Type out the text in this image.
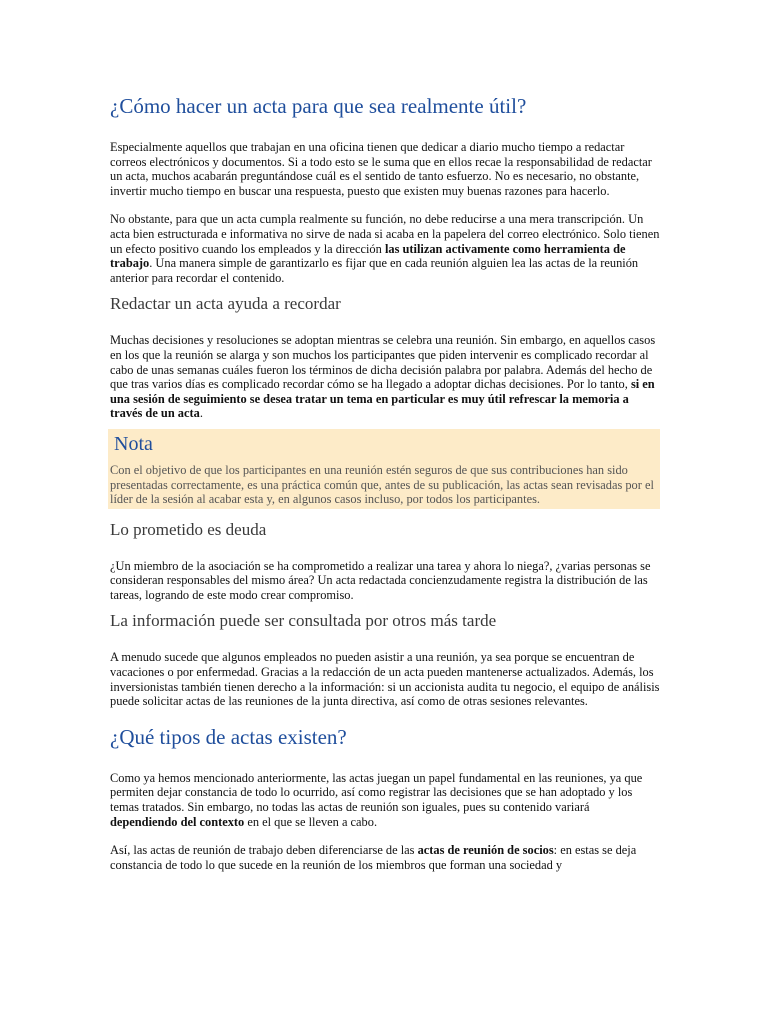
¿Cómo hacer un acta para que sea realmente útil?

Especialmente aquellos que trabajan en una oficina tienen que dedicar a diario mucho tiempo a redactar correos electrónicos y documentos. Si a todo esto se le suma que en ellos recae la responsabilidad de redactar un acta, muchos acabarán preguntándose cuál es el sentido de tanto esfuerzo. No es necesario, no obstante, invertir mucho tiempo en buscar una respuesta, puesto que existen muy buenas razones para hacerlo.

No obstante, para que un acta cumpla realmente su función, no debe reducirse a una mera transcripción. Un acta bien estructurada e informativa no sirve de nada si acaba en la papelera del correo electrónico. Solo tienen un efecto positivo cuando los empleados y la dirección las utilizan activamente como herramienta de trabajo. Una manera simple de garantizarlo es fijar que en cada reunión alguien lea las actas de la reunión anterior para recordar el contenido.

Redactar un acta ayuda a recordar

Muchas decisiones y resoluciones se adoptan mientras se celebra una reunión. Sin embargo, en aquellos casos en los que la reunión se alarga y son muchos los participantes que piden intervenir es complicado recordar al cabo de unas semanas cuáles fueron los términos de dicha decisión palabra por palabra. Además del hecho de que tras varios días es complicado recordar cómo se ha llegado a adoptar dichas decisiones. Por lo tanto, si en una sesión de seguimiento se desea tratar un tema en particular es muy útil refrescar la memoria a través de un acta.

Nota

Con el objetivo de que los participantes en una reunión estén seguros de que sus contribuciones han sido presentadas correctamente, es una práctica común que, antes de su publicación, las actas sean revisadas por el líder de la sesión al acabar esta y, en algunos casos incluso, por todos los participantes.

Lo prometido es deuda

¿Un miembro de la asociación se ha comprometido a realizar una tarea y ahora lo niega?, ¿varias personas se consideran responsables del mismo área? Un acta redactada concienzudamente registra la distribución de las tareas, logrando de este modo crear compromiso.

La información puede ser consultada por otros más tarde

A menudo sucede que algunos empleados no pueden asistir a una reunión, ya sea porque se encuentran de vacaciones o por enfermedad. Gracias a la redacción de un acta pueden mantenerse actualizados. Además, los inversionistas también tienen derecho a la información: si un accionista audita tu negocio, el equipo de análisis puede solicitar actas de las reuniones de la junta directiva, así como de otras sesiones relevantes.

¿Qué tipos de actas existen?

Como ya hemos mencionado anteriormente, las actas juegan un papel fundamental en las reuniones, ya que permiten dejar constancia de todo lo ocurrido, así como registrar las decisiones que se han adoptado y los temas tratados. Sin embargo, no todas las actas de reunión son iguales, pues su contenido variará dependiendo del contexto en el que se lleven a cabo.

Así, las actas de reunión de trabajo deben diferenciarse de las actas de reunión de socios: en estas se deja constancia de todo lo que sucede en la reunión de los miembros que forman una sociedad y
